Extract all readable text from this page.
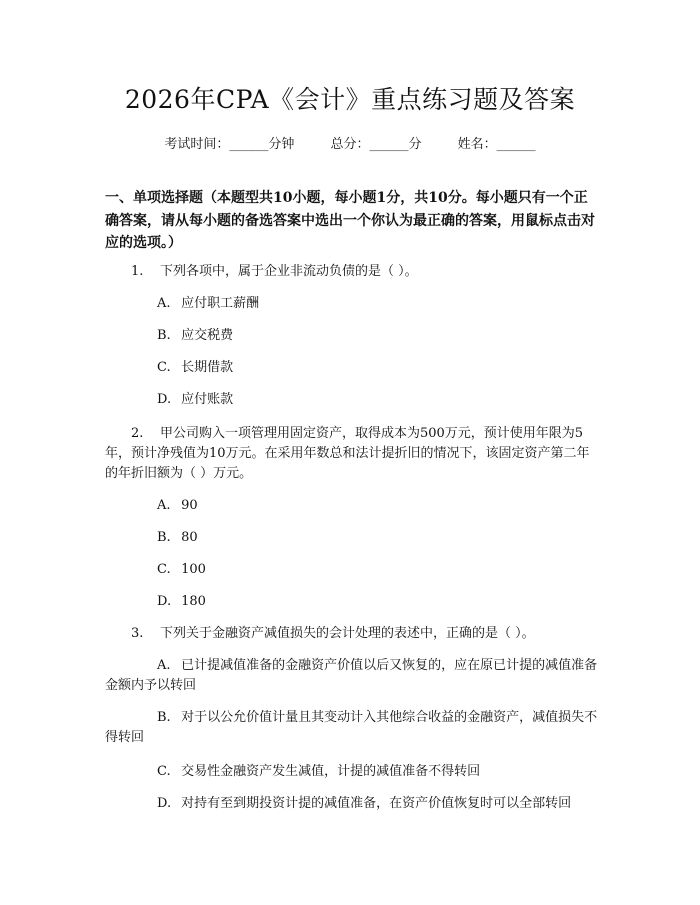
2026年CPA《会计》重点练习题及答案
考试时间：______分钟	总分：______分	姓名：______
一、单项选择题（本题型共10小题，每小题1分，共10分。每小题只有一个正确答案，请从每小题的备选答案中选出一个你认为最正确的答案，用鼠标点击对应的选项。）
1. 下列各项中，属于企业非流动负债的是（ ）。
A. 应付职工薪酬
B. 应交税费
C. 长期借款
D. 应付账款
2. 甲公司购入一项管理用固定资产，取得成本为500万元，预计使用年限为5年，预计净残值为10万元。在采用年数总和法计提折旧的情况下，该固定资产第二年的年折旧额为（ ）万元。
A. 90
B. 80
C. 100
D. 180
3. 下列关于金融资产减值损失的会计处理的表述中，正确的是（ ）。
A. 已计提减值准备的金融资产价值以后又恢复的，应在原已计提的减值准备金额内予以转回
B. 对于以公允价值计量且其变动计入其他综合收益的金融资产，减值损失不得转回
C. 交易性金融资产发生减值，计提的减值准备不得转回
D. 对持有至到期投资计提的减值准备，在资产价值恢复时可以全部转回
